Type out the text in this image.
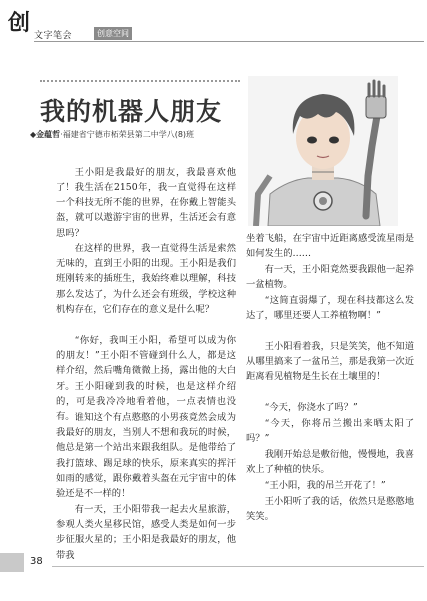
创 文字笔会	创意空间
我的机器人朋友
◆金蕴哲·福建省宁德市柘荣县第二中学八(8)班

王小阳是我最好的朋友，我最喜欢他了！ 我生活在2150年，我一直觉得在这样一个科技无所不能的世界，在你戴上智能头盔，就可以遨游宇宙的世界，生活还会有意思吗？

在这样的世界，我一直觉得生活是索然无味的，直到王小阳的出现。王小阳是我们班刚转来的插班生，我始终难以理解，科技那么发达了，为什么还会有班级，学校这种机构存在，它们存在的意义是什么呢？

“你好，我叫王小阳，希望可以成为你的朋友！”王小阳不管碰到什么人，都是这样介绍，然后嘴角微微上扬，露出他的大白牙。 王小阳碰到我的时候，也是这样介绍的，可是我冷冷地看着他，一点表情也没有。 谁知这个有点憨憨的小男孩竟然会成为我最好的朋友，当别人不想和我玩的时候，他总是第一个站出来跟我组队。是他带给了我打篮球、踢足球的快乐，原来真实的挥汗如雨的感觉，跟你戴着头盔在元宇宙中的体验还是不一样的！

有一天，王小阳带我一起去火星旅游，参观人类火星移民馆，感受人类是如何一步步征服火星的；王小阳是我最好的朋友，他带我

坐着飞船，在宇宙中近距离感受流星雨是如何发生的……

有一天，王小阳竟然要我跟他一起养一盆植物。

“这简直弱爆了，现在科技都这么发达了，哪里还要人工养植物啊！”

王小阳看着我，只是笑笑，他不知道从哪里搞来了一盆吊兰，那是我第一次近距离看见植物是生长在土壤里的！

“今天，你浇水了吗？”

“今天，你将吊兰搬出来晒太阳了吗？”

我刚开始总是敷衍他，慢慢地，我喜欢上了种植的快乐。

“王小阳，我的吊兰开花了！”

王小阳听了我的话，依然只是憨憨地笑笑。

38
